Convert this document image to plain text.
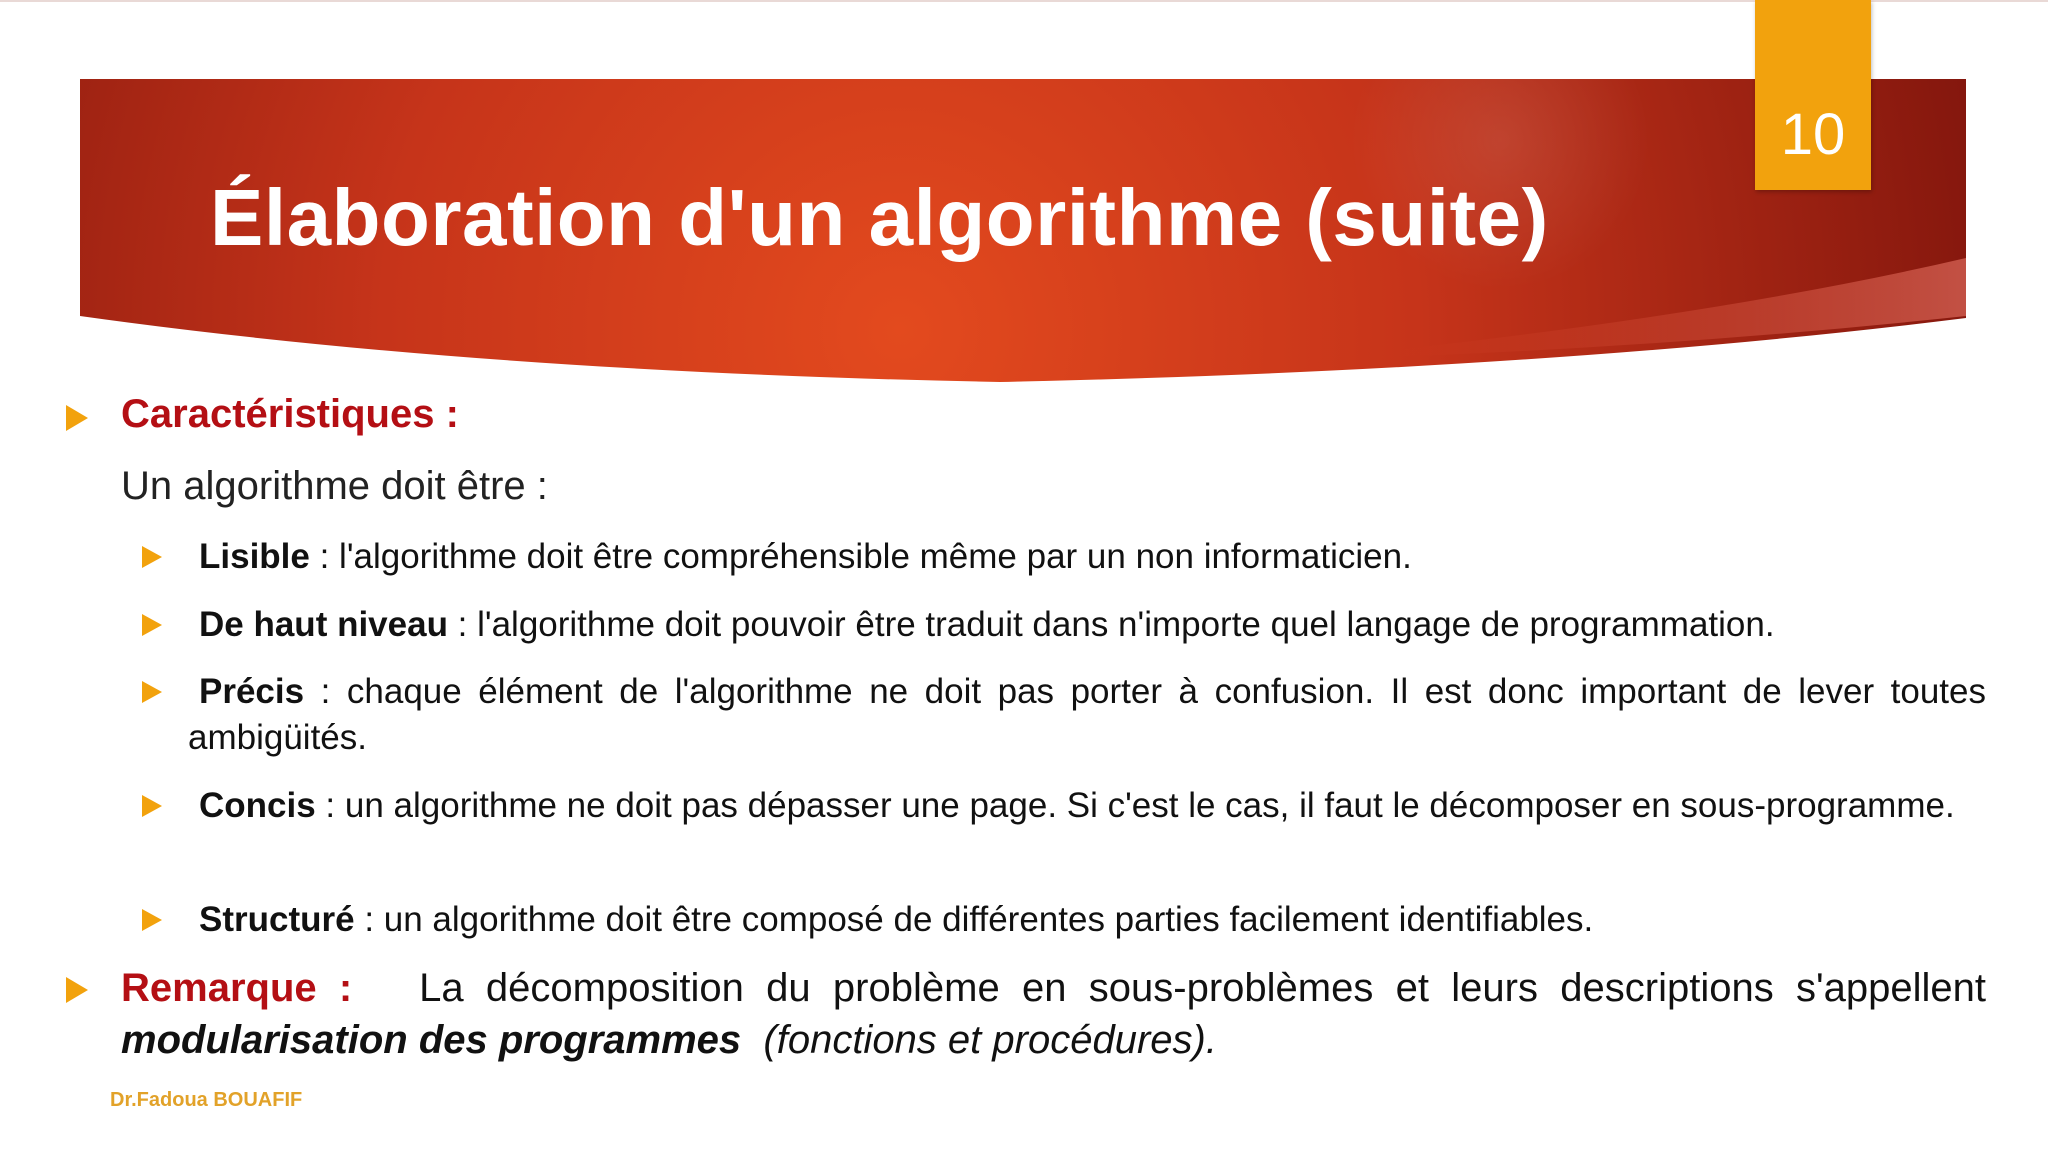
Élaboration d'un algorithme (suite)
10
Caractéristiques :
Un algorithme doit être :
Lisible : l'algorithme doit être compréhensible même par un non informaticien.
De haut niveau : l'algorithme doit pouvoir être traduit dans n'importe quel langage de programmation.
Précis : chaque élément de l'algorithme ne doit pas porter à confusion. Il est donc important de lever toutes ambigüités.
Concis : un algorithme ne doit pas dépasser une page. Si c'est le cas, il faut le décomposer en sous-programme.
Structuré : un algorithme doit être composé de différentes parties facilement identifiables.
Remarque : La décomposition du problème en sous-problèmes et leurs descriptions s'appellent modularisation des programmes (fonctions et procédures).
Dr.Fadoua BOUAFIF
